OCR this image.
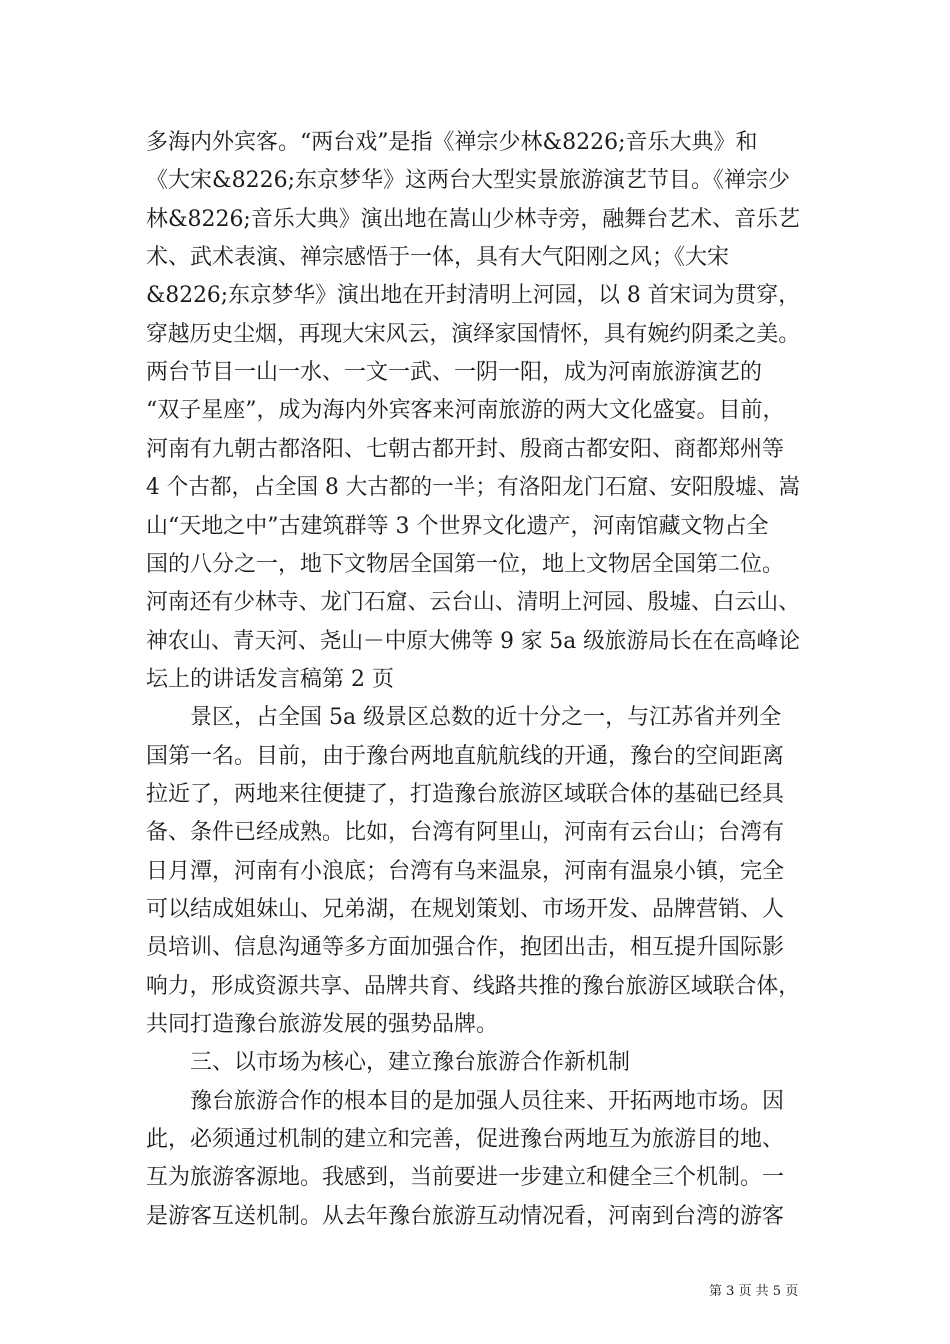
多海内外宾客。“两台戏”是指《禅宗少林&8226;音乐大典》和
《大宋&8226;东京梦华》这两台大型实景旅游演艺节目。《禅宗少
林&8226;音乐大典》演出地在嵩山少林寺旁，融舞台艺术、音乐艺
术、武术表演、禅宗感悟于一体，具有大气阳刚之风；《大宋
&8226;东京梦华》演出地在开封清明上河园，以 8 首宋词为贯穿，
穿越历史尘烟，再现大宋风云，演绎家国情怀，具有婉约阴柔之美。
两台节目一山一水、一文一武、一阴一阳，成为河南旅游演艺的
“双子星座”，成为海内外宾客来河南旅游的两大文化盛宴。目前，
河南有九朝古都洛阳、七朝古都开封、殷商古都安阳、商都郑州等
4 个古都，占全国 8 大古都的一半；有洛阳龙门石窟、安阳殷墟、嵩
山“天地之中”古建筑群等 3 个世界文化遗产，河南馆藏文物占全
国的八分之一，地下文物居全国第一位，地上文物居全国第二位。
河南还有少林寺、龙门石窟、云台山、清明上河园、殷墟、白云山、
神农山、青天河、尧山－中原大佛等 9 家 5a 级旅游局长在在高峰论
坛上的讲话发言稿第 2 页
　　景区，占全国 5a 级景区总数的近十分之一，与江苏省并列全
国第一名。目前，由于豫台两地直航航线的开通，豫台的空间距离
拉近了，两地来往便捷了，打造豫台旅游区域联合体的基础已经具
备、条件已经成熟。比如，台湾有阿里山，河南有云台山；台湾有
日月潭，河南有小浪底；台湾有乌来温泉，河南有温泉小镇，完全
可以结成姐妹山、兄弟湖，在规划策划、市场开发、品牌营销、人
员培训、信息沟通等多方面加强合作，抱团出击，相互提升国际影
响力，形成资源共享、品牌共育、线路共推的豫台旅游区域联合体，
共同打造豫台旅游发展的强势品牌。
　　三、以市场为核心，建立豫台旅游合作新机制
　　豫台旅游合作的根本目的是加强人员往来、开拓两地市场。因
此，必须通过机制的建立和完善，促进豫台两地互为旅游目的地、
互为旅游客源地。我感到，当前要进一步建立和健全三个机制。一
是游客互送机制。从去年豫台旅游互动情况看，河南到台湾的游客
第 3 页 共 5 页
